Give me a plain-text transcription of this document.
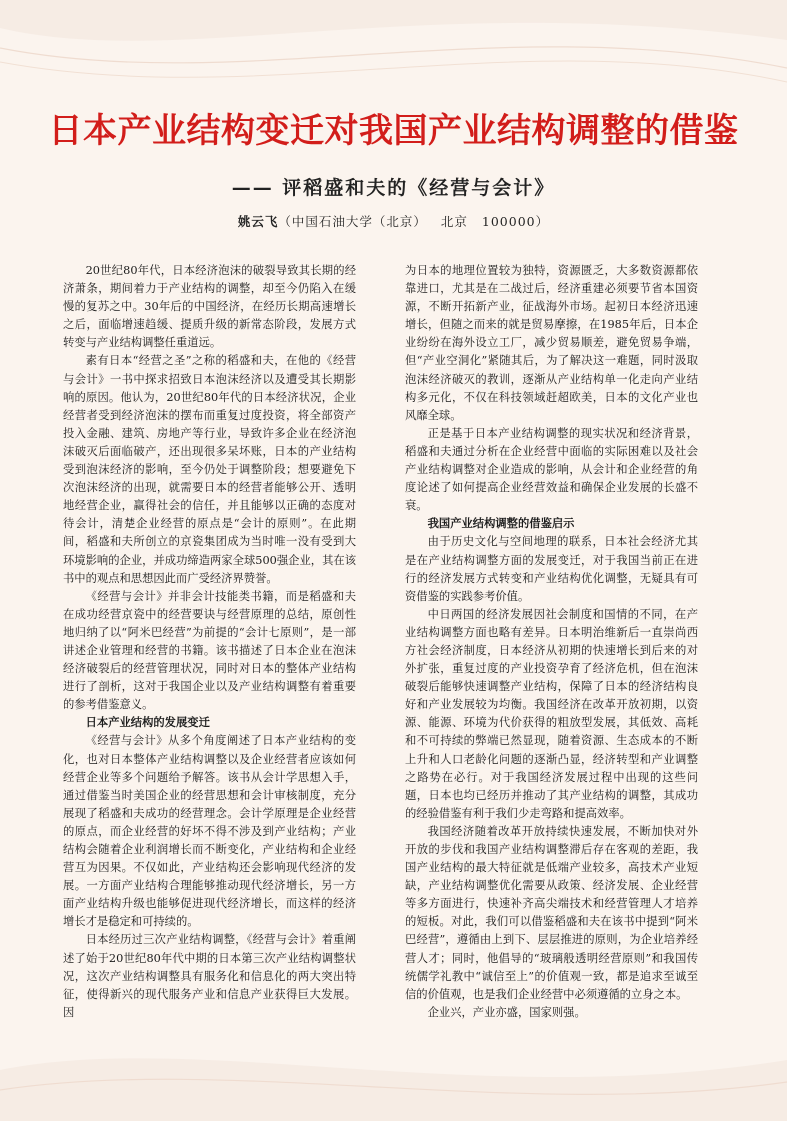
日本产业结构变迁对我国产业结构调整的借鉴
—— 评稻盛和夫的《经营与会计》
姚云飞（中国石油大学（北京） 北京 100000）

20世纪80年代，日本经济泡沫的破裂导致其长期的经济萧条，期间着力于产业结构的调整，却至今仍陷入在缓慢的复苏之中。30年后的中国经济，在经历长期高速增长之后，面临增速趋缓、提质升级的新常态阶段，发展方式转变与产业结构调整任重道远。

素有日本“经营之圣”之称的稻盛和夫，在他的《经营与会计》一书中探求招致日本泡沫经济以及遭受其长期影响的原因。他认为，20世纪80年代的日本经济状况，企业经营者受到经济泡沫的摆布而重复过度投资，将全部资产投入金融、建筑、房地产等行业，导致许多企业在经济泡沫破灭后面临破产，还出现很多呆坏账，日本的产业结构受到泡沫经济的影响，至今仍处于调整阶段；想要避免下次泡沫经济的出现，就需要日本的经营者能够公开、透明地经营企业，赢得社会的信任，并且能够以正确的态度对待会计，清楚企业经营的原点是“会计的原则”。在此期间，稻盛和夫所创立的京瓷集团成为当时唯一没有受到大环境影响的企业，并成功缔造两家全球500强企业，其在该书中的观点和思想因此而广受经济界赞誉。

《经营与会计》并非会计技能类书籍，而是稻盛和夫在成功经营京瓷中的经营要诀与经营原理的总结，原创性地归纳了以“阿米巴经营”为前提的“会计七原则”，是一部讲述企业管理和经营的书籍。该书描述了日本企业在泡沫经济破裂后的经营管理状况，同时对日本的整体产业结构进行了剖析，这对于我国企业以及产业结构调整有着重要的参考借鉴意义。

日本产业结构的发展变迁

《经营与会计》从多个角度阐述了日本产业结构的变化，也对日本整体产业结构调整以及企业经营者应该如何经营企业等多个问题给予解答。该书从会计学思想入手，通过借鉴当时美国企业的经营思想和会计审核制度，充分展现了稻盛和夫成功的经营理念。会计学原理是企业经营的原点，而企业经营的好坏不得不涉及到产业结构；产业结构会随着企业利润增长而不断变化，产业结构和企业经营互为因果。不仅如此，产业结构还会影响现代经济的发展。一方面产业结构合理能够推动现代经济增长，另一方面产业结构升级也能够促进现代经济增长，而这样的经济增长才是稳定和可持续的。

日本经历过三次产业结构调整，《经营与会计》着重阐述了始于20世纪80年代中期的日本第三次产业结构调整状况，这次产业结构调整具有服务化和信息化的两大突出特征，使得新兴的现代服务产业和信息产业获得巨大发展。因

为日本的地理位置较为独特，资源匮乏，大多数资源都依靠进口，尤其是在二战过后，经济重建必须要节省本国资源，不断开拓新产业，征战海外市场。起初日本经济迅速增长，但随之而来的就是贸易摩擦，在1985年后，日本企业纷纷在海外设立工厂，减少贸易顺差，避免贸易争端，但“产业空洞化”紧随其后，为了解决这一难题，同时汲取泡沫经济破灭的教训，逐渐从产业结构单一化走向产业结构多元化，不仅在科技领域赶超欧美，日本的文化产业也风靡全球。

正是基于日本产业结构调整的现实状况和经济背景，稻盛和夫通过分析在企业经营中面临的实际困难以及社会产业结构调整对企业造成的影响，从会计和企业经营的角度论述了如何提高企业经营效益和确保企业发展的长盛不衰。

我国产业结构调整的借鉴启示

由于历史文化与空间地理的联系，日本社会经济尤其是在产业结构调整方面的发展变迁，对于我国当前正在进行的经济发展方式转变和产业结构优化调整，无疑具有可资借鉴的实践参考价值。

中日两国的经济发展因社会制度和国情的不同，在产业结构调整方面也略有差异。日本明治维新后一直崇尚西方社会经济制度，日本经济从初期的快速增长到后来的对外扩张，重复过度的产业投资孕育了经济危机，但在泡沫破裂后能够快速调整产业结构，保障了日本的经济结构良好和产业发展较为均衡。我国经济在改革开放初期，以资源、能源、环境为代价获得的粗放型发展，其低效、高耗和不可持续的弊端已然显现，随着资源、生态成本的不断上升和人口老龄化问题的逐渐凸显，经济转型和产业调整之路势在必行。对于我国经济发展过程中出现的这些问题，日本也均已经历并推动了其产业结构的调整，其成功的经验借鉴有利于我们少走弯路和提高效率。

我国经济随着改革开放持续快速发展，不断加快对外开放的步伐和我国产业结构调整滞后存在客观的差距，我国产业结构的最大特征就是低端产业较多，高技术产业短缺，产业结构调整优化需要从政策、经济发展、企业经营等多方面进行，快速补齐高尖端技术和经营管理人才培养的短板。对此，我们可以借鉴稻盛和夫在该书中提到“阿米巴经营”，遵循由上到下、层层推进的原则，为企业培养经营人才；同时，他倡导的“玻璃般透明经营原则”和我国传统儒学礼教中“诚信至上”的价值观一致，都是追求至诚至信的价值观，也是我们企业经营中必须遵循的立身之本。

企业兴，产业亦盛，国家则强。
